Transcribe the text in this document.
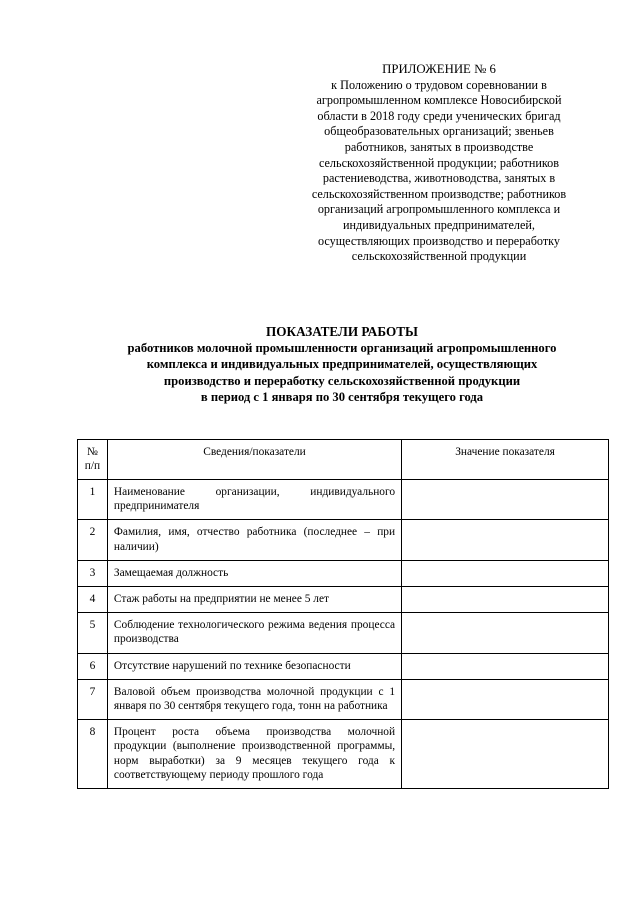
ПРИЛОЖЕНИЕ № 6

к Положению о трудовом соревновании в

агропромышленном комплексе Новосибирской

области в 2018 году среди ученических бригад

общеобразовательных организаций; звеньев

работников, занятых в производстве

сельскохозяйственной продукции; работников

растениеводства, животноводства, занятых в

сельскохозяйственном производстве; работников

организаций агропромышленного комплекса и

индивидуальных предпринимателей,

осуществляющих производство и переработку

сельскохозяйственной продукции

ПОКАЗАТЕЛИ РАБОТЫ

работников молочной промышленности организаций агропромышленного

комплекса и индивидуальных предпринимателей, осуществляющих

производство и переработку сельскохозяйственной продукции

в период с 1 января по 30 сентября текущего года

№ п/п	Сведения/показатели	Значение показателя
1	Наименование организации, индивидуального предпринимателя	
2	Фамилия, имя, отчество работника (последнее – при наличии)	
3	Замещаемая должность	
4	Стаж работы на предприятии не менее 5 лет	
5	Соблюдение технологического режима ведения процесса производства	
6	Отсутствие нарушений по технике безопасности	
7	Валовой объем производства молочной продукции с 1 января по 30 сентября текущего года, тонн на работника	
8	Процент роста объема производства молочной продукции (выполнение производственной программы, норм выработки) за 9 месяцев текущего года к соответствующему периоду прошлого года	
